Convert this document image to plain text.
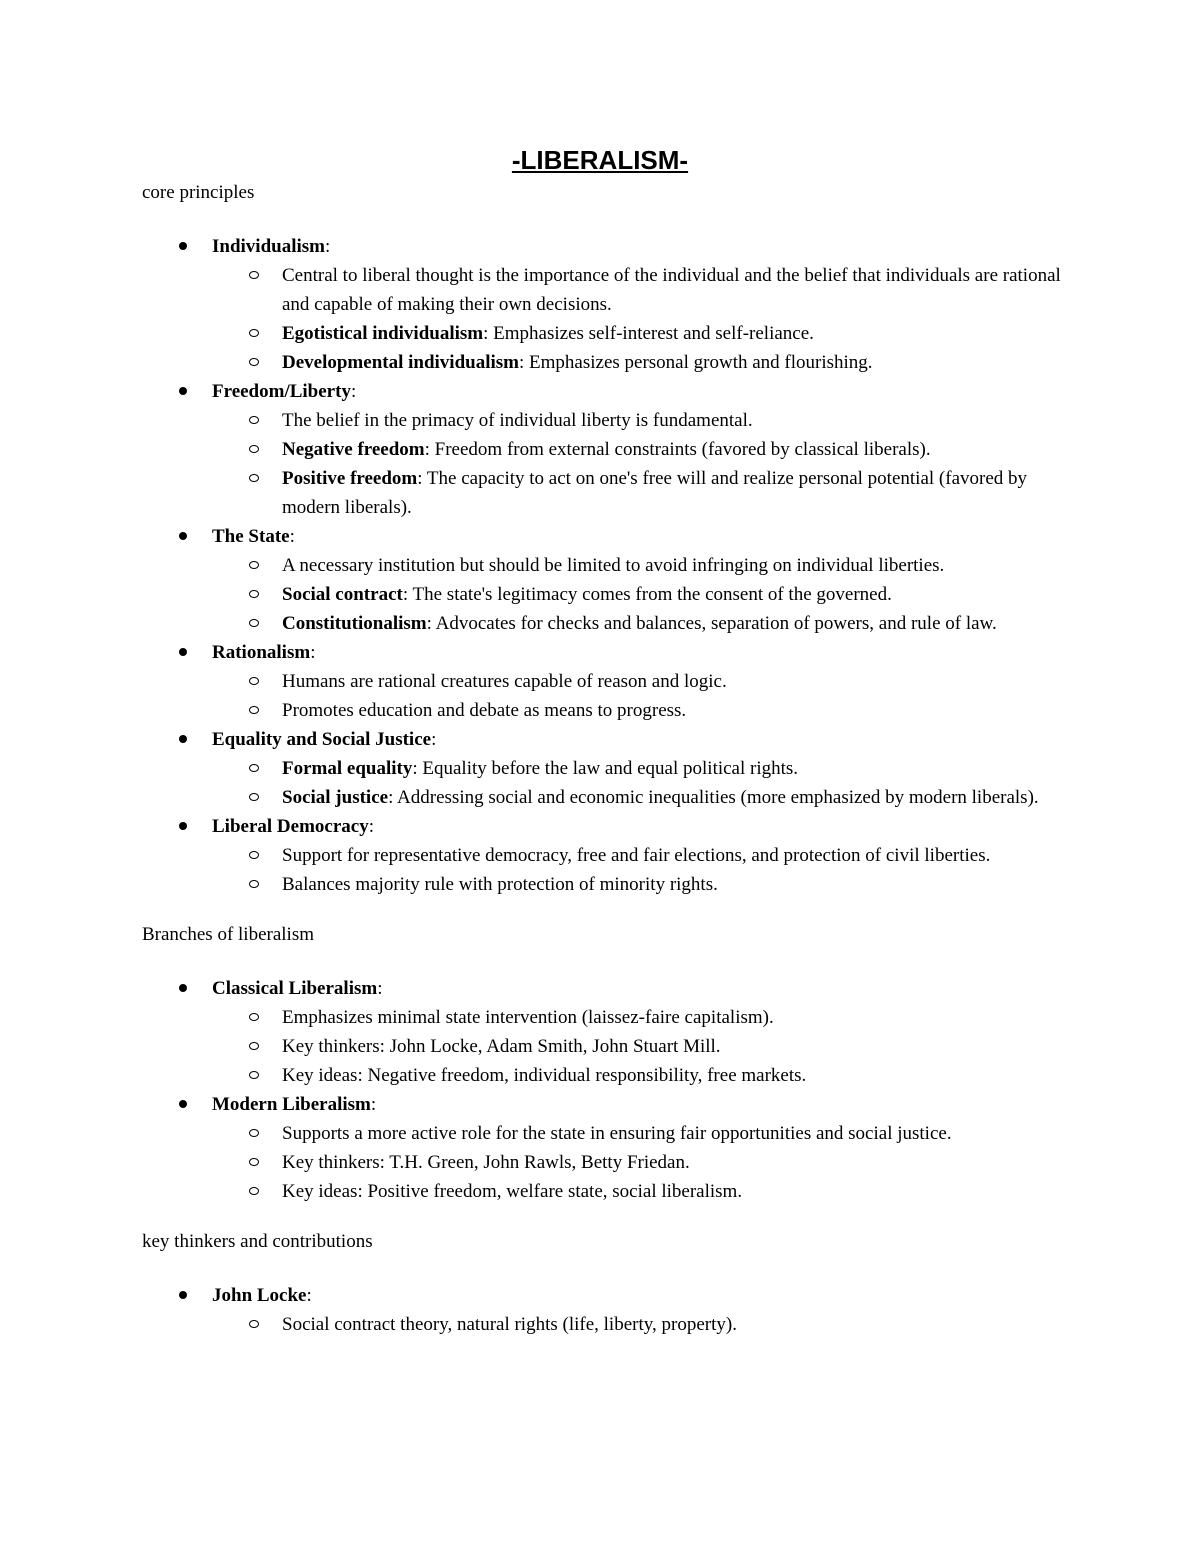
-LIBERALISM-

core principles

Individualism:
Central to liberal thought is the importance of the individual and the belief that individuals are rational and capable of making their own decisions.
Egotistical individualism: Emphasizes self-interest and self-reliance.
Developmental individualism: Emphasizes personal growth and flourishing.
Freedom/Liberty:
The belief in the primacy of individual liberty is fundamental.
Negative freedom: Freedom from external constraints (favored by classical liberals).
Positive freedom: The capacity to act on one's free will and realize personal potential (favored by modern liberals).
The State:
A necessary institution but should be limited to avoid infringing on individual liberties.
Social contract: The state's legitimacy comes from the consent of the governed.
Constitutionalism: Advocates for checks and balances, separation of powers, and rule of law.
Rationalism:
Humans are rational creatures capable of reason and logic.
Promotes education and debate as means to progress.
Equality and Social Justice:
Formal equality: Equality before the law and equal political rights.
Social justice: Addressing social and economic inequalities (more emphasized by modern liberals).
Liberal Democracy:
Support for representative democracy, free and fair elections, and protection of civil liberties.
Balances majority rule with protection of minority rights.

Branches of liberalism

Classical Liberalism:
Emphasizes minimal state intervention (laissez-faire capitalism).
Key thinkers: John Locke, Adam Smith, John Stuart Mill.
Key ideas: Negative freedom, individual responsibility, free markets.
Modern Liberalism:
Supports a more active role for the state in ensuring fair opportunities and social justice.
Key thinkers: T.H. Green, John Rawls, Betty Friedan.
Key ideas: Positive freedom, welfare state, social liberalism.

key thinkers and contributions

John Locke:
Social contract theory, natural rights (life, liberty, property).
